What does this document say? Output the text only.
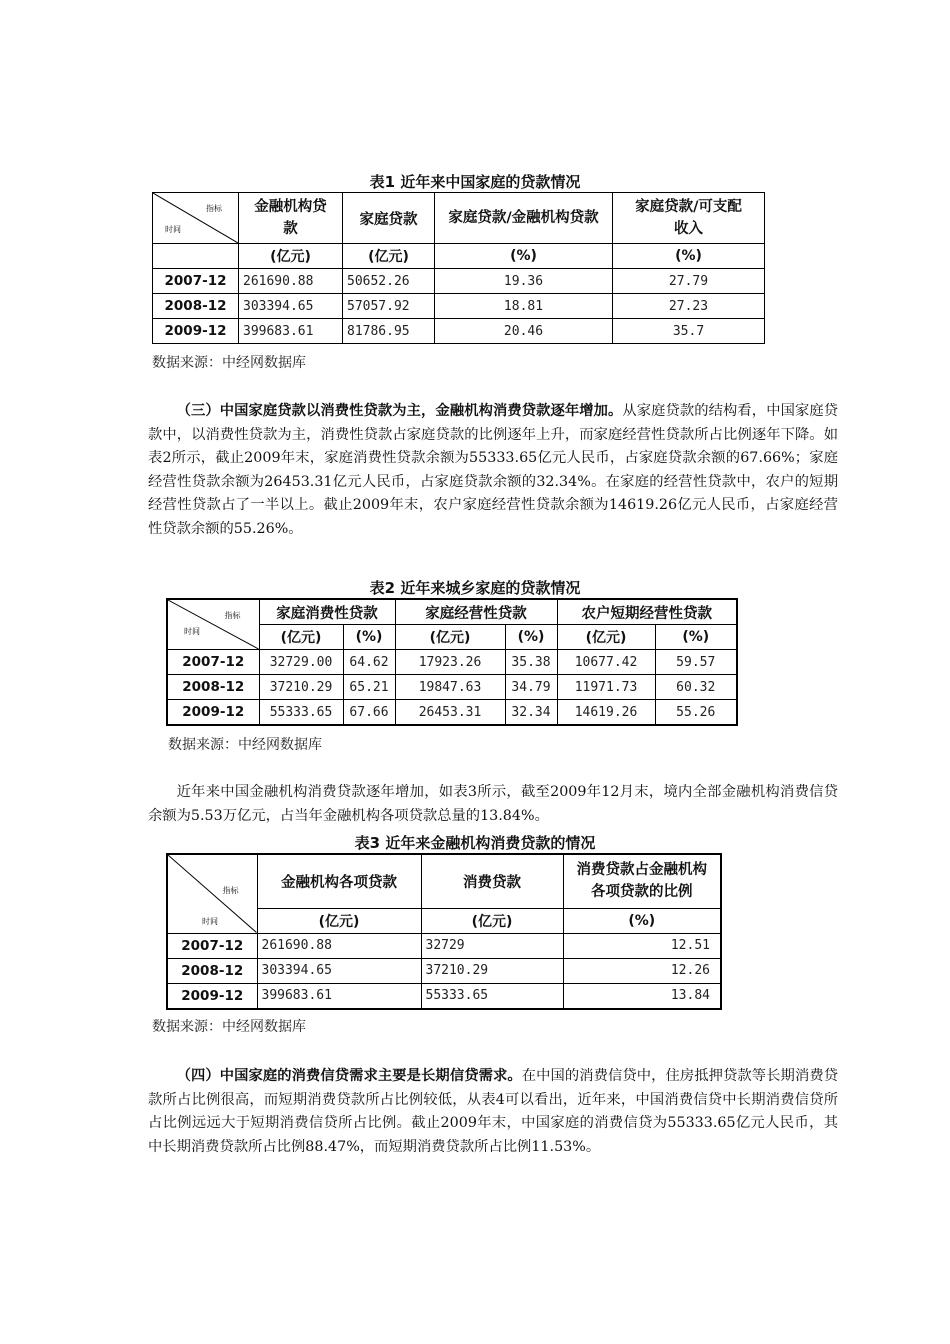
表1 近年来中国家庭的贷款情况
指标
时间	金融机构贷款	家庭贷款	家庭贷款/金融机构贷款	家庭贷款/可支配收入
	(亿元)	(亿元)	(%)	(%)
2007-12	261690.88	50652.26	19.36	27.79
2008-12	303394.65	57057.92	18.81	27.23
2009-12	399683.61	81786.95	20.46	35.7
数据来源：中经网数据库
（三）中国家庭贷款以消费性贷款为主，金融机构消费贷款逐年增加。从家庭贷款的结构看，中国家庭贷款中，以消费性贷款为主，消费性贷款占家庭贷款的比例逐年上升，而家庭经营性贷款所占比例逐年下降。如表2所示，截止2009年末，家庭消费性贷款余额为55333.65亿元人民币，占家庭贷款余额的67.66%；家庭经营性贷款余额为26453.31亿元人民币，占家庭贷款余额的32.34%。在家庭的经营性贷款中，农户的短期经营性贷款占了一半以上。截止2009年末，农户家庭经营性贷款余额为14619.26亿元人民币，占家庭经营性贷款余额的55.26%。
表2 近年来城乡家庭的贷款情况
指标
时间	家庭消费性贷款		家庭经营性贷款		农户短期经营性贷款	
	(亿元)	(%)	(亿元)	(%)	(亿元)	(%)
2007-12	32729.00	64.62	17923.26	35.38	10677.42	59.57
2008-12	37210.29	65.21	19847.63	34.79	11971.73	60.32
2009-12	55333.65	67.66	26453.31	32.34	14619.26	55.26
数据来源：中经网数据库
近年来中国金融机构消费贷款逐年增加，如表3所示，截至2009年12月末，境内全部金融机构消费信贷余额为5.53万亿元，占当年金融机构各项贷款总量的13.84%。
表3 近年来金融机构消费贷款的情况
指标
时间	金融机构各项贷款	消费贷款	消费贷款占金融机构各项贷款的比例
	(亿元)	(亿元)	(%)
2007-12	261690.88	32729	12.51
2008-12	303394.65	37210.29	12.26
2009-12	399683.61	55333.65	13.84
数据来源：中经网数据库
（四）中国家庭的消费信贷需求主要是长期信贷需求。在中国的消费信贷中，住房抵押贷款等长期消费贷款所占比例很高，而短期消费贷款所占比例较低，从表4可以看出，近年来，中国消费信贷中长期消费信贷所占比例远远大于短期消费信贷所占比例。截止2009年末，中国家庭的消费信贷为55333.65亿元人民币，其中长期消费贷款所占比例88.47%，而短期消费贷款所占比例11.53%。
